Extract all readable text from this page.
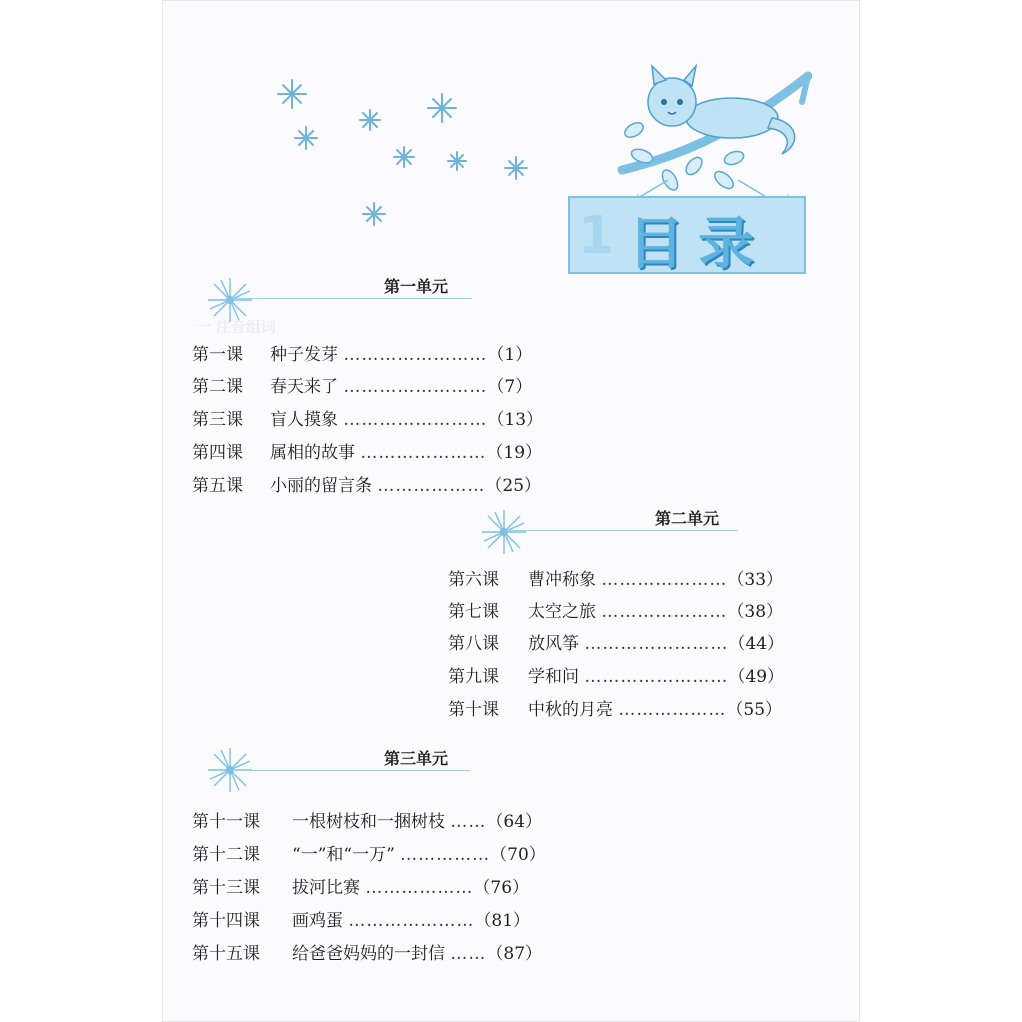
一 注音组词
1 目录
第一单元
第一课 种子发芽 ……………………（1）
第二课 春天来了 ……………………（7）
第三课 盲人摸象 ……………………（13）
第四课 属相的故事 …………………（19）
第五课 小丽的留言条 ………………（25）
第二单元
第六课 曹冲称象 …………………（33）
第七课 太空之旅 …………………（38）
第八课 放风筝 ……………………（44）
第九课 学和问 ……………………（49）
第十课 中秋的月亮 ………………（55）
第三单元
第十一课 一根树枝和一捆树枝 ……（64）
第十二课 “一”和“一万” ……………（70）
第十三课 拔河比赛 ………………（76）
第十四课 画鸡蛋 …………………（81）
第十五课 给爸爸妈妈的一封信 ……（87）
